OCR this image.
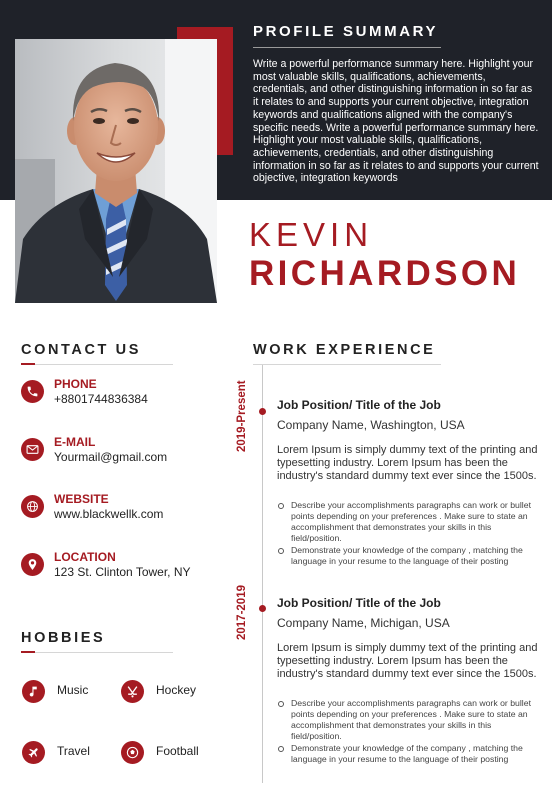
PROFILE SUMMARY
Write a powerful performance summary here. Highlight your most valuable skills, qualifications, achievements, credentials, and other distinguishing information in so far as it relates to and supports your current objective, integration keywords and qualifications aligned with the company's specific needs. Write a powerful performance summary here. Highlight your most valuable skills, qualifications, achievements, credentials, and other distinguishing information in so far as it relates to and supports your current objective, integration keywords
KEVIN
RICHARDSON
CONTACT US
PHONE
+8801744836384
E-MAIL
Yourmail@gmail.com
WEBSITE
www.blackwellk.com
LOCATION
123 St. Clinton Tower, NY
HOBBIES
Music	Hockey
Travel	Football
WORK EXPERIENCE
2019-Present
2017-2019
Job Position/ Title of the Job
Company Name, Washington, USA
Lorem Ipsum is simply dummy text of the printing and typesetting industry. Lorem Ipsum has been the industry's standard dummy text ever since the 1500s.
Describe your accomplishments paragraphs can work or bullet points depending on your preferences . Make sure to state an accomplishment that demonstrates your skills in this field/position.
Demonstrate your knowledge of the company , matching the language in your resume to the language of their posting
Job Position/ Title of the Job
Company Name, Michigan, USA
Lorem Ipsum is simply dummy text of the printing and typesetting industry. Lorem Ipsum has been the industry's standard dummy text ever since the 1500s.
Describe your accomplishments paragraphs can work or bullet points depending on your preferences . Make sure to state an accomplishment that demonstrates your skills in this field/position.
Demonstrate your knowledge of the company , matching the language in your resume to the language of their posting
